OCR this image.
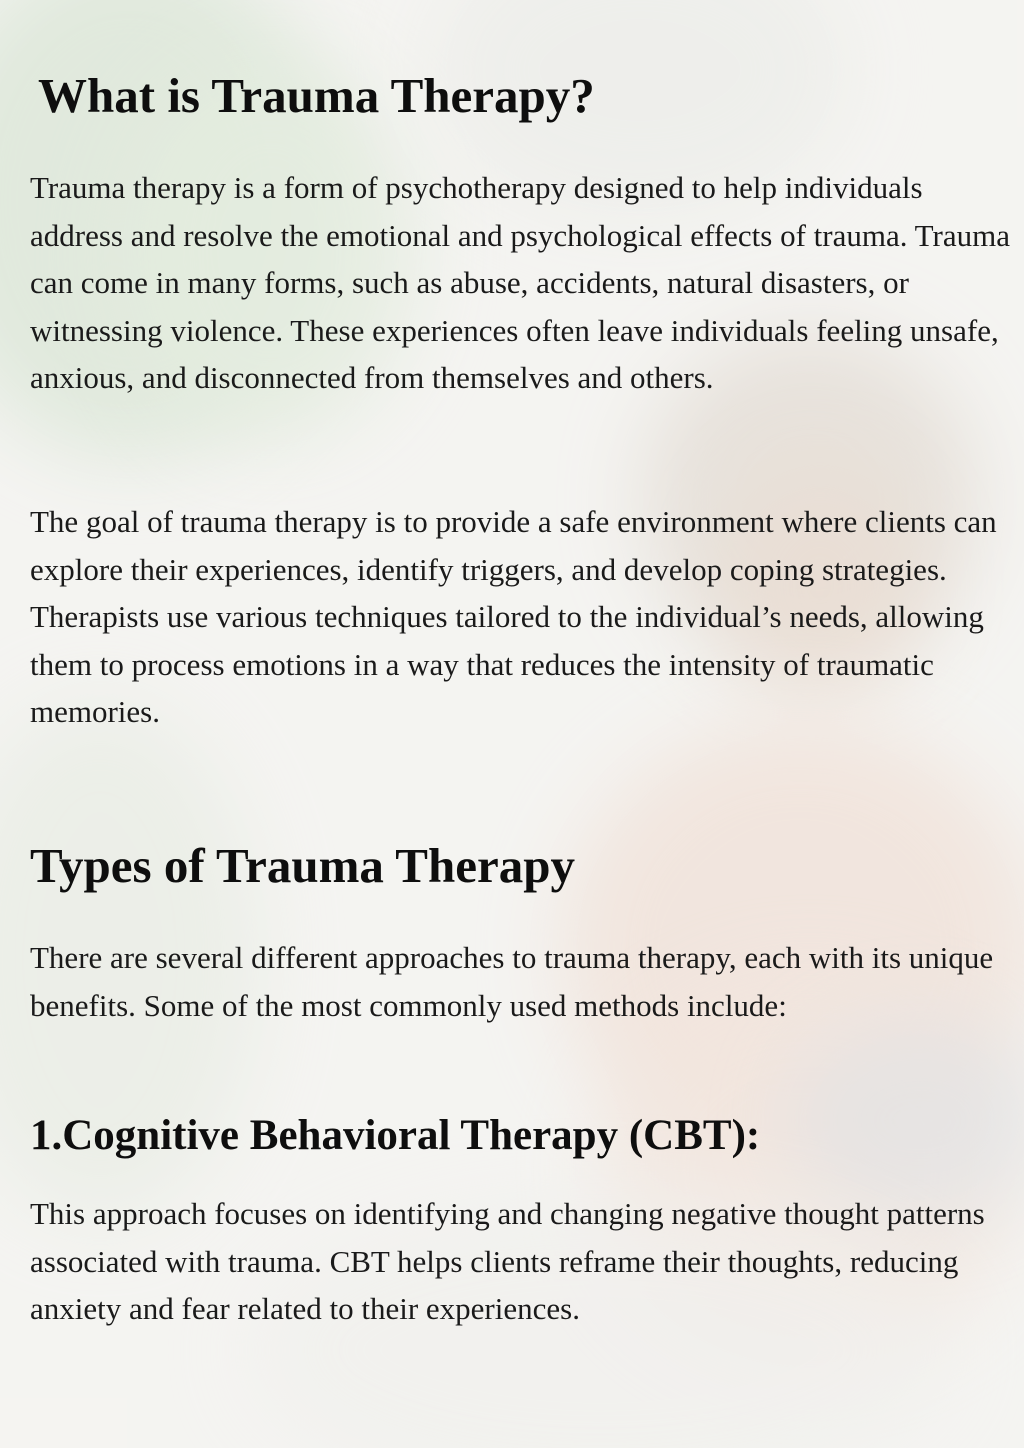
What is Trauma Therapy?

Trauma therapy is a form of psychotherapy designed to help individuals address and resolve the emotional and psychological effects of trauma. Trauma can come in many forms, such as abuse, accidents, natural disasters, or witnessing violence. These experiences often leave individuals feeling unsafe, anxious, and disconnected from themselves and others.

The goal of trauma therapy is to provide a safe environment where clients can explore their experiences, identify triggers, and develop coping strategies. Therapists use various techniques tailored to the individual’s needs, allowing them to process emotions in a way that reduces the intensity of traumatic memories.

Types of Trauma Therapy

There are several different approaches to trauma therapy, each with its unique benefits. Some of the most commonly used methods include:

1.Cognitive Behavioral Therapy (CBT):

This approach focuses on identifying and changing negative thought patterns associated with trauma. CBT helps clients reframe their thoughts, reducing anxiety and fear related to their experiences.
